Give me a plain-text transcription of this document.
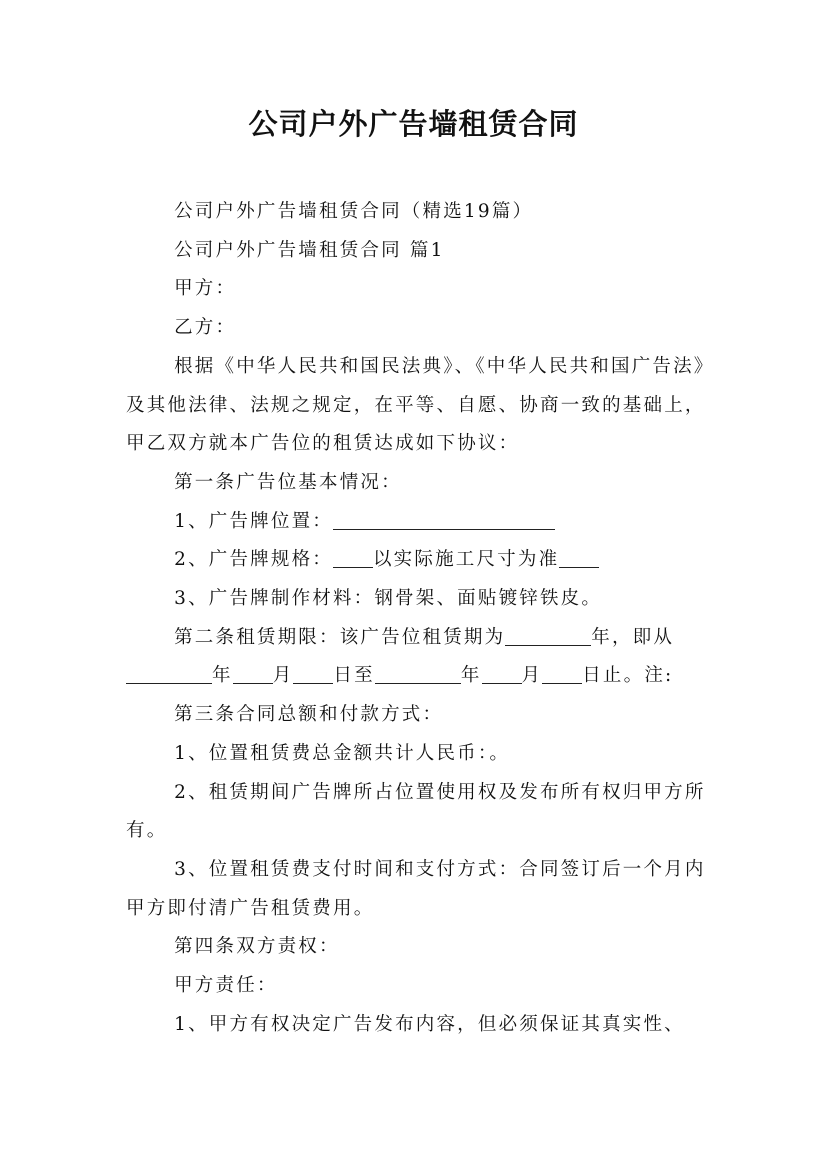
公司户外广告墙租赁合同

公司户外广告墙租赁合同（精选19篇）

公司户外广告墙租赁合同 篇1

甲方：

乙方：

根据《中华人民共和国民法典》、《中华人民共和国广告法》及其他法律、法规之规定，在平等、自愿、协商一致的基础上，甲乙双方就本广告位的租赁达成如下协议：

第一条广告位基本情况：

1、广告牌位置：

2、广告牌规格： 以实际施工尺寸为准

3、广告牌制作材料：钢骨架、面贴镀锌铁皮。

第二条租赁期限：该广告位租赁期为	年，即从年 月 日至	年 月 日止。注:

第三条合同总额和付款方式：

1、位置租赁费总金额共计人民币：。

2、租赁期间广告牌所占位置使用权及发布所有权归甲方所有。

3、位置租赁费支付时间和支付方式：合同签订后一个月内甲方即付清广告租赁费用。

第四条双方责权：

甲方责任：

1、甲方有权决定广告发布内容，但必须保证其真实性、
